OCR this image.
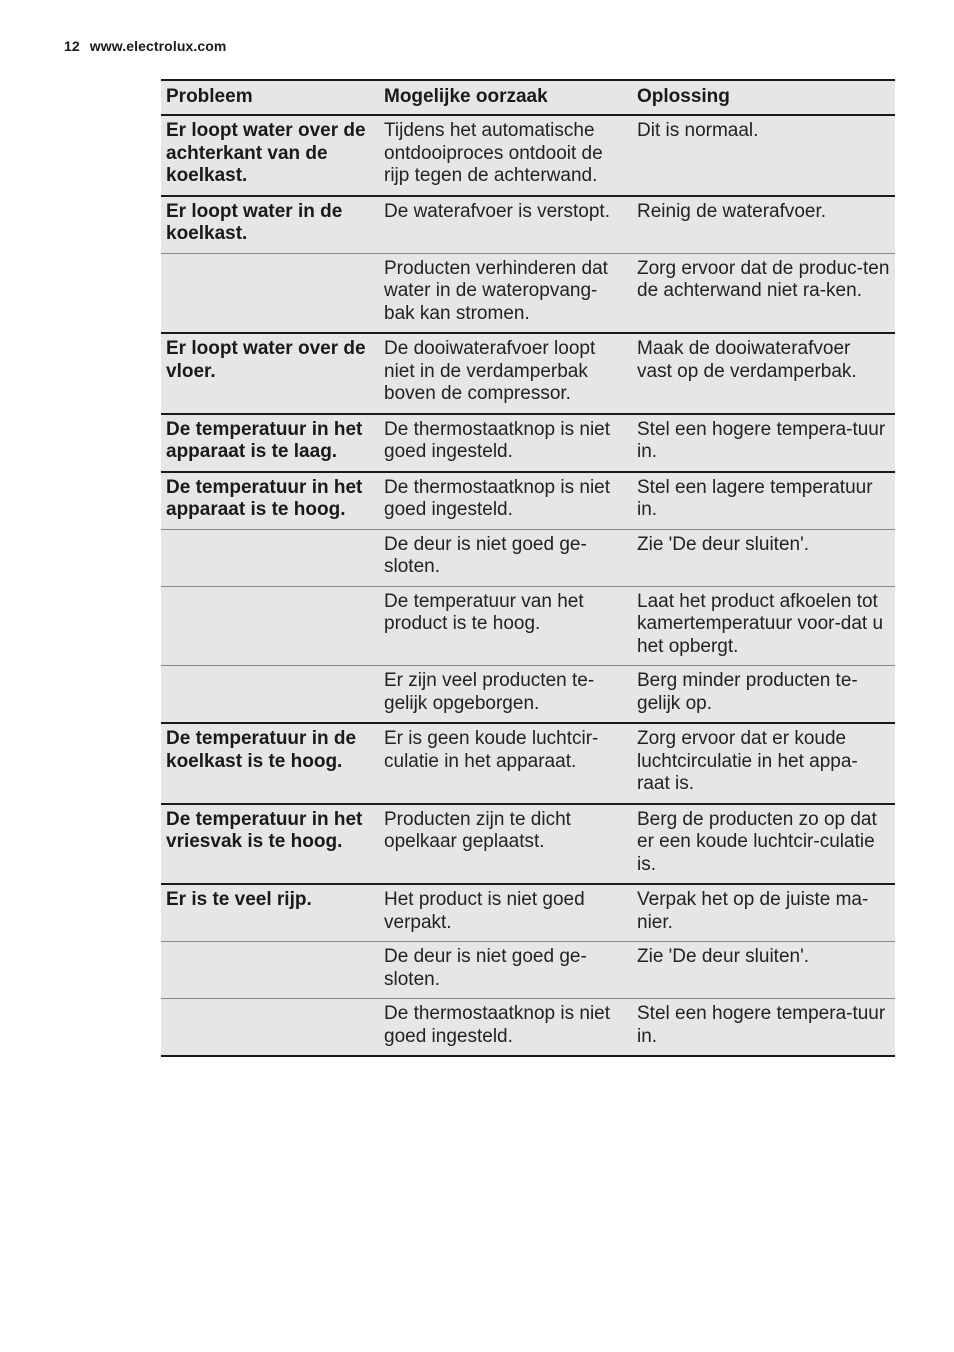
12 www.electrolux.com
Probleem	Mogelijke oorzaak	Oplossing
Er loopt water over de achterkant van de koelkast.	Tijdens het automatische ontdooiproces ontdooit de rijp tegen de achterwand.	Dit is normaal.
Er loopt water in de koelkast.	De waterafvoer is verstopt.	Reinig de waterafvoer.
	Producten verhinderen dat water in de wateropvang-bak kan stromen.	Zorg ervoor dat de produc-ten de achterwand niet ra-ken.
Er loopt water over de vloer.	De dooiwaterafvoer loopt niet in de verdamperbak boven de compressor.	Maak de dooiwaterafvoer vast op de verdamperbak.
De temperatuur in het apparaat is te laag.	De thermostaatknop is niet goed ingesteld.	Stel een hogere tempera-tuur in.
De temperatuur in het apparaat is te hoog.	De thermostaatknop is niet goed ingesteld.	Stel een lagere temperatuur in.
	De deur is niet goed ge-sloten.	Zie 'De deur sluiten'.
	De temperatuur van het product is te hoog.	Laat het product afkoelen tot kamertemperatuur voor-dat u het opbergt.
	Er zijn veel producten te-gelijk opgeborgen.	Berg minder producten te-gelijk op.
De temperatuur in de koelkast is te hoog.	Er is geen koude luchtcir-culatie in het apparaat.	Zorg ervoor dat er koude luchtcirculatie in het appa-raat is.
De temperatuur in het vriesvak is te hoog.	Producten zijn te dicht opelkaar geplaatst.	Berg de producten zo op dat er een koude luchtcir-culatie is.
Er is te veel rijp.	Het product is niet goed verpakt.	Verpak het op de juiste ma-nier.
	De deur is niet goed ge-sloten.	Zie 'De deur sluiten'.
	De thermostaatknop is niet goed ingesteld.	Stel een hogere tempera-tuur in.
